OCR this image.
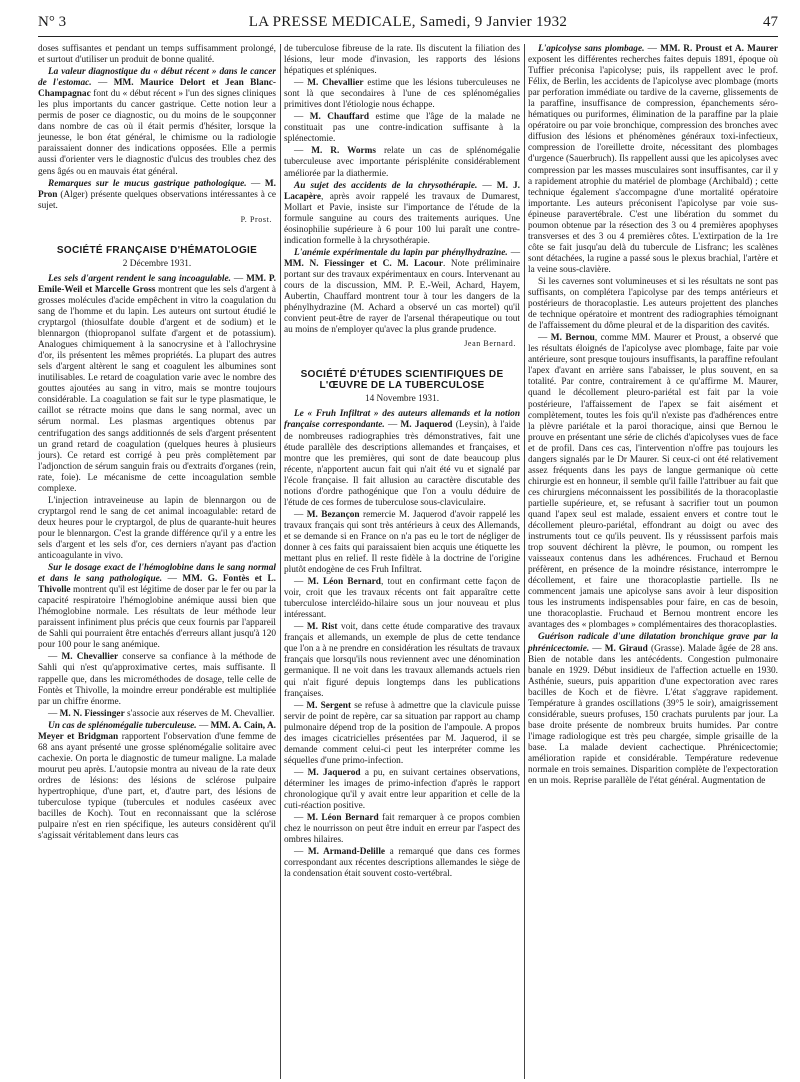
N° 3	LA PRESSE MEDICALE, Samedi, 9 Janvier 1932	47

doses suffisantes et pendant un temps suffisamment prolongé, et surtout d'utiliser un produit de bonne qualité.

La valeur diagnostique du « début récent » dans le cancer de l'estomac. — MM. Maurice Delort et Jean Blanc-Champagnac font du « début récent » l'un des signes cliniques les plus importants du cancer gastrique. Cette notion leur a permis de poser ce diagnostic, ou du moins de le soupçonner dans nombre de cas où il était permis d'hésiter, lorsque la jeunesse, le bon état général, le chimisme ou la radiologie paraissaient donner des indications opposées. Elle a permis aussi d'orienter vers le diagnostic d'ulcus des troubles chez des gens âgés ou en mauvais état général.

Remarques sur le mucus gastrique pathologique. — M. Pron (Alger) présente quelques observations intéressantes à ce sujet.

P. Prost.
SOCIÉTÉ FRANÇAISE D'HÉMATOLOGIE
2 Décembre 1931.

Les sels d'argent rendent le sang incoagulable. — MM. P. Emile-Weil et Marcelle Gross montrent que les sels d'argent à grosses molécules d'acide empêchent in vitro la coagulation du sang de l'homme et du lapin. Les auteurs ont surtout étudié le cryptargol (thiosulfate double d'argent et de sodium) et le blennargon (thiopropanol sulfate d'argent et de potassium). Analogues chimiquement à la sanocrysine et à l'allochrysine d'or, ils présentent les mêmes propriétés. La plupart des autres sels d'argent altèrent le sang et coagulent les albumines sont inutilisables. Le retard de coagulation varie avec le nombre des gouttes ajoutées au sang in vitro, mais se montre toujours considérable. La coagulation se fait sur le type plasmatique, le caillot se rétracte moins que dans le sang normal, avec un sérum normal. Les plasmas argentiques obtenus par centrifugation des sangs additionnés de sels d'argent présentent un grand retard de coagulation (quelques heures à plusieurs jours). Ce retard est corrigé à peu près complètement par l'adjonction de sérum sanguin frais ou d'extraits d'organes (rein, rate, foie). Le mécanisme de cette incoagulation semble complexe.

L'injection intraveineuse au lapin de blennargon ou de cryptargol rend le sang de cet animal incoagulable: retard de deux heures pour le cryptargol, de plus de quarante-huit heures pour le blennargon. C'est la grande différence qu'il y a entre les sels d'argent et les sels d'or, ces derniers n'ayant pas d'action anticoagulante in vivo.

Sur le dosage exact de l'hémoglobine dans le sang normal et dans le sang pathologique. — MM. G. Fontès et L. Thivolle montrent qu'il est légitime de doser par le fer ou par la capacité respiratoire l'hémoglobine anémique aussi bien que l'hémoglobine normale. Les résultats de leur méthode leur paraissent infiniment plus précis que ceux fournis par l'appareil de Sahli qui pourraient être entachés d'erreurs allant jusqu'à 120 pour 100 pour le sang anémique.

— M. Chevallier conserve sa confiance à la méthode de Sahli qui n'est qu'approximative certes, mais suffisante. Il rappelle que, dans les microméthodes de dosage, telle celle de Fontès et Thivolle, la moindre erreur pondérable est multipliée par un chiffre énorme.

— M. N. Fiessinger s'associe aux réserves de M. Chevallier.

Un cas de splénomégalie tuberculeuse. — MM. A. Cain, A. Meyer et Bridgman rapportent l'observation d'une femme de 68 ans ayant présenté une grosse splénomégalie solitaire avec cachexie. On porta le diagnostic de tumeur maligne. La malade mourut peu après. L'autopsie montra au niveau de la rate deux ordres de lésions: des lésions de sclérose pulpaire hypertrophique, d'une part, et, d'autre part, des lésions de tuberculose typique (tubercules et nodules caséeux avec bacilles de Koch). Tout en reconnaissant que la sclérose pulpaire n'est en rien spécifique, les auteurs considèrent qu'il s'agissait véritablement dans leurs cas

de tuberculose fibreuse de la rate. Ils discutent la filiation des lésions, leur mode d'invasion, les rapports des lésions hépatiques et spléniques.

— M. Chevallier estime que les lésions tuberculeuses ne sont là que secondaires à l'une de ces splénomégalies primitives dont l'étiologie nous échappe.

— M. Chauffard estime que l'âge de la malade ne constituait pas une contre-indication suffisante à la splénectomie.

— M. R. Worms relate un cas de splénomégalie tuberculeuse avec importante périsplénite considérablement améliorée par la diathermie.

Au sujet des accidents de la chrysothérapie. — M. J. Lacapère, après avoir rappelé les travaux de Dumarest, Mollart et Pavie, insiste sur l'importance de l'étude de la formule sanguine au cours des traitements auriques. Une éosinophilie supérieure à 6 pour 100 lui paraît une contre-indication formelle à la chrysothérapie.

L'anémie expérimentale du lapin par phénylhydrazine. — MM. N. Fiessinger et C. M. Lacour. Note préliminaire portant sur des travaux expérimentaux en cours. Intervenant au cours de la discussion, MM. P. E.-Weil, Achard, Hayem, Aubertin, Chauffard montrent tour à tour les dangers de la phénylhydrazine (M. Achard a observé un cas mortel) qu'il convient peut-être de rayer de l'arsenal thérapeutique ou tout au moins de n'employer qu'avec la plus grande prudence.

Jean Bernard.
SOCIÉTÉ D'ÉTUDES SCIENTIFIQUES DE L'ŒUVRE DE LA TUBERCULOSE
14 Novembre 1931.

Le « Fruh Infiltrat » des auteurs allemands et la notion française correspondante. — M. Jaquerod (Leysin), à l'aide de nombreuses radiographies très démonstratives, fait une étude parallèle des descriptions allemandes et françaises, et montre que les premières, qui sont de date beaucoup plus récente, n'apportent aucun fait qui n'ait été vu et signalé par l'école française. Il fait allusion au caractère discutable des notions d'ordre pathogénique que l'on a voulu déduire de l'étude de ces formes de tuberculose sous-claviculaire.

— M. Bezançon remercie M. Jaquerod d'avoir rappelé les travaux français qui sont très antérieurs à ceux des Allemands, et se demande si en France on n'a pas eu le tort de négliger de donner à ces faits qui paraissaient bien acquis une étiquette les mettant plus en relief. Il reste fidèle à la doctrine de l'origine plutôt endogène de ces Fruh Infiltrat.

— M. Léon Bernard, tout en confirmant cette façon de voir, croit que les travaux récents ont fait apparaître cette tuberculose intercléido-hilaire sous un jour nouveau et plus intéressant.

— M. Rist voit, dans cette étude comparative des travaux français et allemands, un exemple de plus de cette tendance que l'on a à ne prendre en considération les résultats de travaux français que lorsqu'ils nous reviennent avec une dénomination germanique. Il ne voit dans les travaux allemands actuels rien qui n'ait figuré depuis longtemps dans les publications françaises.

— M. Sergent se refuse à admettre que la clavicule puisse servir de point de repère, car sa situation par rapport au champ pulmonaire dépend trop de la position de l'ampoule. A propos des images cicatricielles présentées par M. Jaquerod, il se demande comment celui-ci peut les interpréter comme les séquelles d'une primo-infection.

— M. Jaquerod a pu, en suivant certaines observations, déterminer les images de primo-infection d'après le rapport chronologique qu'il y avait entre leur apparition et celle de la cuti-réaction positive.

— M. Léon Bernard fait remarquer à ce propos combien chez le nourrisson on peut être induit en erreur par l'aspect des ombres hilaires.

— M. Armand-Delille a remarqué que dans ces formes correspondant aux récentes descriptions allemandes le siège de la condensation était souvent costo-vertébral.

L'apicolyse sans plombage. — MM. R. Proust et A. Maurer exposent les différentes recherches faites depuis 1891, époque où Tuffier préconisa l'apicolyse; puis, ils rappellent avec le prof. Félix, de Berlin, les accidents de l'apicolyse avec plombage (morts par perforation immédiate ou tardive de la caverne, glissements de la paraffine, insuffisance de compression, épanchements séro-hématiques ou puriformes, élimination de la paraffine par la plaie opératoire ou par voie bronchique, compression des bronches avec diffusion des lésions et phénomènes généraux toxi-infectieux, compression de l'oreillette droite, nécessitant des plombages d'urgence (Sauerbruch). Ils rappellent aussi que les apicolyses avec compression par les masses musculaires sont insuffisantes, car il y a rapidement atrophie du matériel de plombage (Archibald) ; cette technique également s'accompagne d'une mortalité opératoire importante. Les auteurs préconisent l'apicolyse par voie sus-épineuse paravertébrale. C'est une libération du sommet du poumon obtenue par la résection des 3 ou 4 premières apophyses transverses et des 3 ou 4 premières côtes. L'extirpation de la 1re côte se fait jusqu'au delà du tubercule de Lisfranc; les scalènes sont détachées, la rugine a passé sous le plexus brachial, l'artère et la veine sous-clavière.

Si les cavernes sont volumineuses et si les résultats ne sont pas suffisants, on complétera l'apicolyse par des temps antérieurs et postérieurs de thoracoplastie. Les auteurs projettent des planches de technique opératoire et montrent des radiographies témoignant de l'affaissement du dôme pleural et de la disparition des cavités.

— M. Bernou, comme MM. Maurer et Proust, a observé que les résultats éloignés de l'apicolyse avec plombage, faite par voie antérieure, sont presque toujours insuffisants, la paraffine refoulant l'apex d'avant en arrière sans l'abaisser, le plus souvent, en sa totalité. Par contre, contrairement à ce qu'affirme M. Maurer, quand le décollement pleuro-pariétal est fait par la voie postérieure, l'affaissement de l'apex se fait aisément et complètement, toutes les fois qu'il n'existe pas d'adhérences entre la plèvre pariétale et la paroi thoracique, ainsi que Bernou le prouve en présentant une série de clichés d'apicolyses vues de face et de profil. Dans ces cas, l'intervention n'offre pas toujours les dangers signalés par le Dr Maurer. Si ceux-ci ont été relativement assez fréquents dans les pays de langue germanique où cette chirurgie est en honneur, il semble qu'il faille l'attribuer au fait que ces chirurgiens méconnaissent les possibilités de la thoracoplastie partielle supérieure, et, se refusant à sacrifier tout un poumon quand l'apex seul est malade, essaient envers et contre tout le décollement pleuro-pariétal, effondrant au doigt ou avec des instruments tout ce qu'ils peuvent. Ils y réussissent parfois mais trop souvent déchirent la plèvre, le poumon, ou rompent les vaisseaux contenus dans les adhérences. Fruchaud et Bernou préfèrent, en présence de la moindre résistance, interrompre le décollement, et faire une thoracoplastie partielle. Ils ne commencent jamais une apicolyse sans avoir à leur disposition tous les instruments indispensables pour faire, en cas de besoin, une thoracoplastie. Fruchaud et Bernou montrent encore les avantages des « plombages » complémentaires des thoracoplasties.

Guérison radicale d'une dilatation bronchique grave par la phrénicectomie. — M. Giraud (Grasse). Malade âgée de 28 ans. Bien de notable dans les antécédents. Congestion pulmonaire banale en 1929. Début insidieux de l'affection actuelle en 1930. Asthénie, sueurs, puis apparition d'une expectoration avec rares bacilles de Koch et de fièvre. L'état s'aggrave rapidement. Température à grandes oscillations (39°5 le soir), amaigrissement considérable, sueurs profuses, 150 crachats purulents par jour. La base droite présente de nombreux bruits humides. Par contre l'image radiologique est très peu chargée, simple grisaille de la base. La malade devient cachectique. Phrénicectomie; amélioration rapide et considérable. Température redevenue normale en trois semaines. Disparition complète de l'expectoration en un mois. Reprise parallèle de l'état général. Augmentation de
